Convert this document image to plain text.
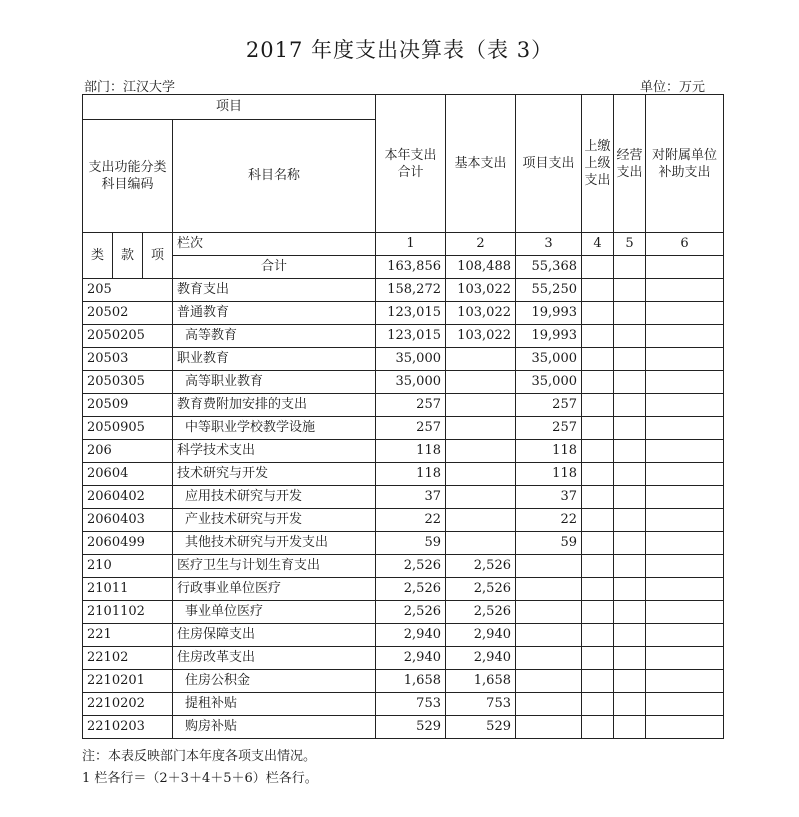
2017 年度支出决算表（表 3）
部门：江汉大学	单位：万元
项目				本年支出合计	基本支出	项目支出	上缴上级支出	经营支出	对附属单位补助支出
支出功能分类科目编码			科目名称						
类	款	项	栏次	1	2	3	4	5	6
			合计	163,856	108,488	55,368			
205			教育支出	158,272	103,022	55,250			
20502			普通教育	123,015	103,022	19,993			
2050205			高等教育	123,015	103,022	19,993			
20503			职业教育	35,000		35,000			
2050305			高等职业教育	35,000		35,000			
20509			教育费附加安排的支出	257		257			
2050905			中等职业学校教学设施	257		257			
206			科学技术支出	118		118			
20604			技术研究与开发	118		118			
2060402			应用技术研究与开发	37		37			
2060403			产业技术研究与开发	22		22			
2060499			其他技术研究与开发支出	59		59			
210			医疗卫生与计划生育支出	2,526	2,526				
21011			行政事业单位医疗	2,526	2,526				
2101102			事业单位医疗	2,526	2,526				
221			住房保障支出	2,940	2,940				
22102			住房改革支出	2,940	2,940				
2210201			住房公积金	1,658	1,658				
2210202			提租补贴	753	753				
2210203			购房补贴	529	529				
注：本表反映部门本年度各项支出情况。
1 栏各行＝（2＋3＋4＋5＋6）栏各行。
